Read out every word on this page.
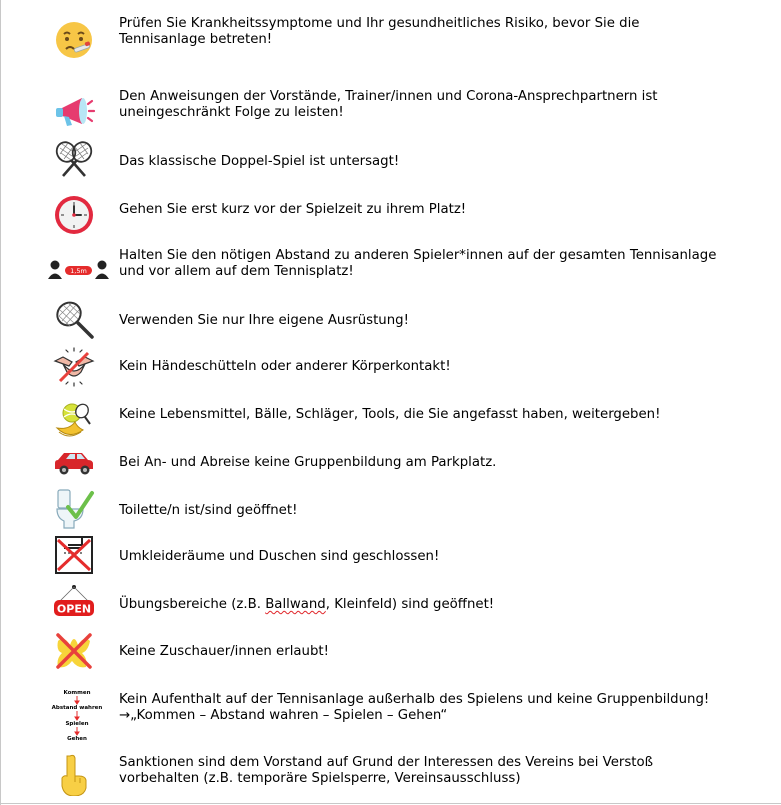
Prüfen Sie Krankheitssymptome und Ihr gesundheitliches Risiko, bevor Sie die
Tennisanlage betreten!
Den Anweisungen der Vorstände, Trainer/innen und Corona-Ansprechpartnern ist
uneingeschränkt Folge zu leisten!
Das klassische Doppel-Spiel ist untersagt!
Gehen Sie erst kurz vor der Spielzeit zu ihrem Platz!
1,5m
Halten Sie den nötigen Abstand zu anderen Spieler*innen auf der gesamten Tennisanlage
und vor allem auf dem Tennisplatz!
Verwenden Sie nur Ihre eigene Ausrüstung!
Kein Händeschütteln oder anderer Körperkontakt!
Keine Lebensmittel, Bälle, Schläger, Tools, die Sie angefasst haben, weitergeben!
Bei An- und Abreise keine Gruppenbildung am Parkplatz.
Toilette/n ist/sind geöffnet!
Umkleideräume und Duschen sind geschlossen!
OPEN Übungsbereiche (z.B. Ballwand, Kleinfeld) sind geöffnet!
Keine Zuschauer/innen erlaubt!
Kommen
Abstand wahren
Spielen
Gehen
Kein Aufenthalt auf der Tennisanlage außerhalb des Spielens und keine Gruppenbildung!
→„Kommen – Abstand wahren – Spielen – Gehen“
Sanktionen sind dem Vorstand auf Grund der Interessen des Vereins bei Verstoß
vorbehalten (z.B. temporäre Spielsperre, Vereinsausschluss)
